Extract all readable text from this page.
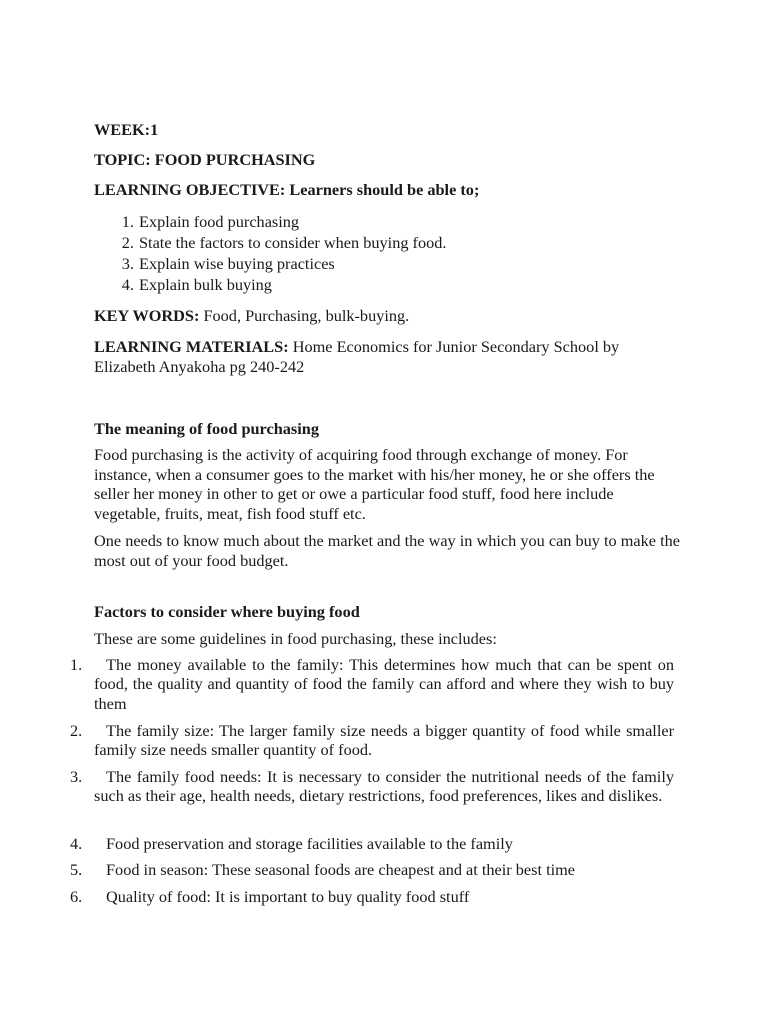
WEEK:1
TOPIC: FOOD PURCHASING
LEARNING OBJECTIVE: Learners should be able to;
1. Explain food purchasing
2. State the factors to consider when buying food.
3. Explain wise buying practices
4. Explain bulk buying
KEY WORDS: Food, Purchasing, bulk-buying.
LEARNING MATERIALS: Home Economics for Junior Secondary School by Elizabeth Anyakoha pg 240-242
The meaning of food purchasing
Food purchasing is the activity of acquiring food through exchange of money. For instance, when a consumer goes to the market with his/her money, he or she offers the seller her money in other to get or owe a particular food stuff, food here include vegetable, fruits, meat, fish food stuff etc.
One needs to know much about the market and the way in which you can buy to make the most out of your food budget.
Factors to consider where buying food
These are some guidelines in food purchasing, these includes:
1.	The money available to the family: This determines how much that can be spent on food, the quality and quantity of food the family can afford and where they wish to buy them
2.	The family size: The larger family size needs a bigger quantity of food while smaller family size needs smaller quantity of food.
3.	The family food needs: It is necessary to consider the nutritional needs of the family such as their age, health needs, dietary restrictions, food preferences, likes and dislikes.
4.	Food preservation and storage facilities available to the family
5.	Food in season: These seasonal foods are cheapest and at their best time
6.	Quality of food: It is important to buy quality food stuff
